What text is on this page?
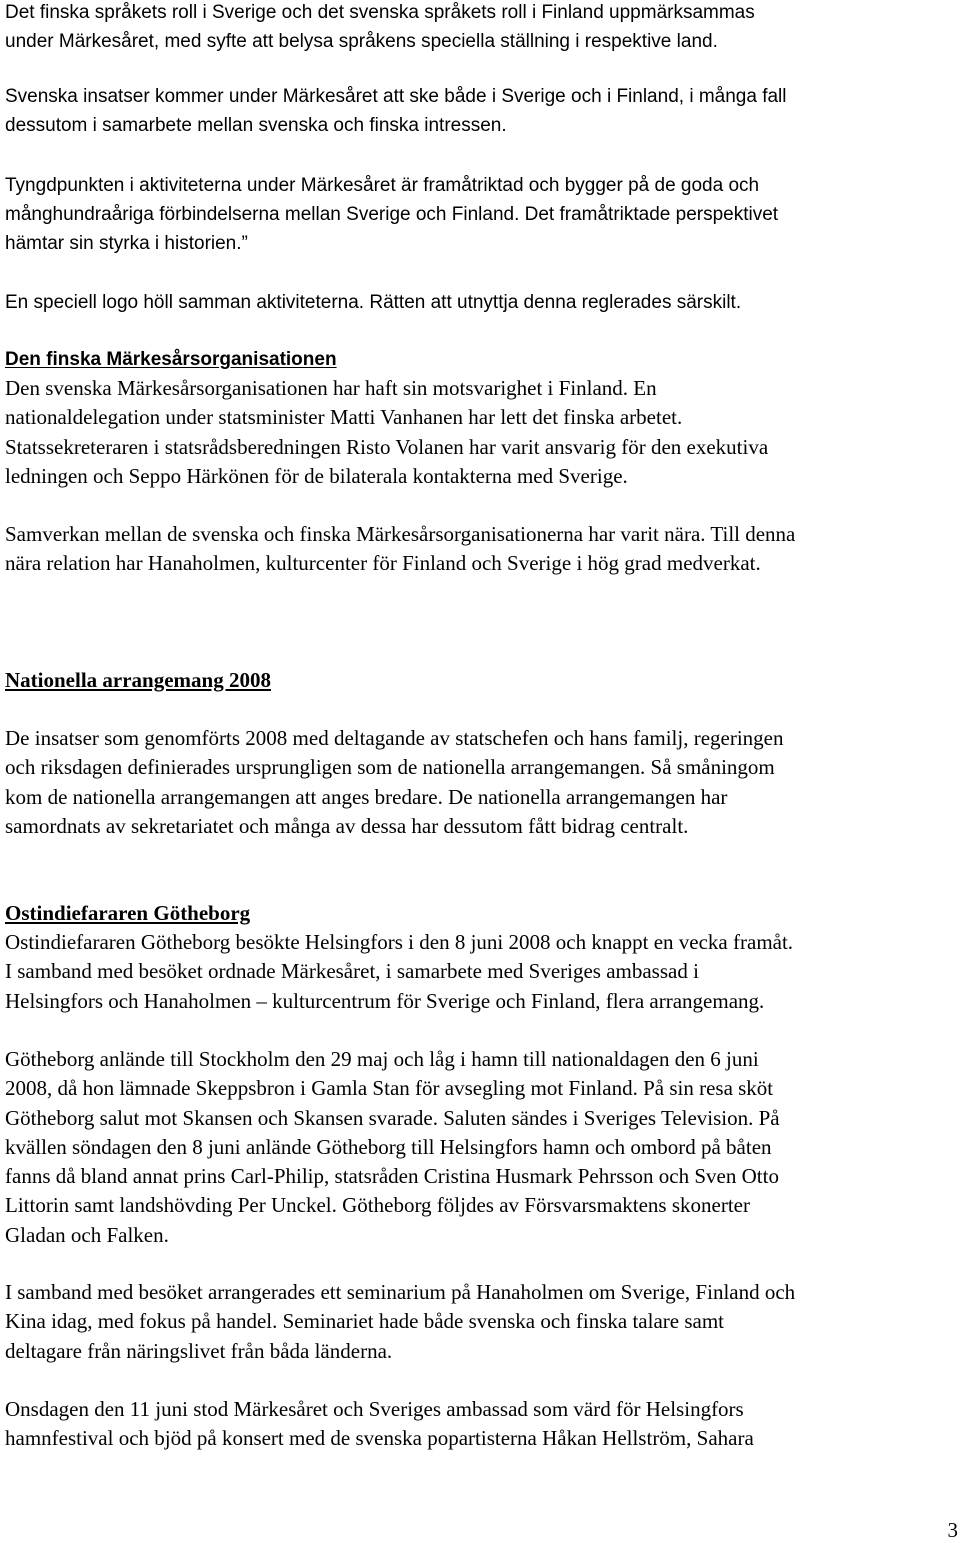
Det finska språkets roll i Sverige och det svenska språkets roll i Finland uppmärksammas
under Märkesåret, med syfte att belysa språkens speciella ställning i respektive land.

Svenska insatser kommer under Märkesåret att ske både i Sverige och i Finland, i många fall
dessutom i samarbete mellan svenska och finska intressen.

Tyngdpunkten i aktiviteterna under Märkesåret är framåtriktad och bygger på de goda och
månghundraåriga förbindelserna mellan Sverige och Finland. Det framåtriktade perspektivet
hämtar sin styrka i historien.”

En speciell logo höll samman aktiviteterna. Rätten att utnyttja denna reglerades särskilt.

Den finska Märkesårsorganisationen

Den svenska Märkesårsorganisationen har haft sin motsvarighet i Finland. En
nationaldelegation under statsminister Matti Vanhanen har lett det finska arbetet.
Statssekreteraren i statsrådsberedningen Risto Volanen har varit ansvarig för den exekutiva
ledningen och Seppo Härkönen för de bilaterala kontakterna med Sverige.

Samverkan mellan de svenska och finska Märkesårsorganisationerna har varit nära. Till denna
nära relation har Hanaholmen, kulturcenter för Finland och Sverige i hög grad medverkat.

Nationella arrangemang 2008

De insatser som genomförts 2008 med deltagande av statschefen och hans familj, regeringen
och riksdagen definierades ursprungligen som de nationella arrangemangen. Så småningom
kom de nationella arrangemangen att anges bredare. De nationella arrangemangen har
samordnats av sekretariatet och många av dessa har dessutom fått bidrag centralt.

Ostindiefararen Götheborg

Ostindiefararen Götheborg besökte Helsingfors i den 8 juni 2008 och knappt en vecka framåt.
I samband med besöket ordnade Märkesåret, i samarbete med Sveriges ambassad i
Helsingfors och Hanaholmen – kulturcentrum för Sverige och Finland, flera arrangemang.

Götheborg anlände till Stockholm den 29 maj och låg i hamn till nationaldagen den 6 juni
2008, då hon lämnade Skeppsbron i Gamla Stan för avsegling mot Finland. På sin resa sköt
Götheborg salut mot Skansen och Skansen svarade. Saluten sändes i Sveriges Television. På
kvällen söndagen den 8 juni anlände Götheborg till Helsingfors hamn och ombord på båten
fanns då bland annat prins Carl-Philip, statsråden Cristina Husmark Pehrsson och Sven Otto
Littorin samt landshövding Per Unckel. Götheborg följdes av Försvarsmaktens skonerter
Gladan och Falken.

I samband med besöket arrangerades ett seminarium på Hanaholmen om Sverige, Finland och
Kina idag, med fokus på handel. Seminariet hade både svenska och finska talare samt
deltagare från näringslivet från båda länderna.

Onsdagen den 11 juni stod Märkesåret och Sveriges ambassad som värd för Helsingfors
hamnfestival och bjöd på konsert med de svenska popartisterna Håkan Hellström, Sahara

3
